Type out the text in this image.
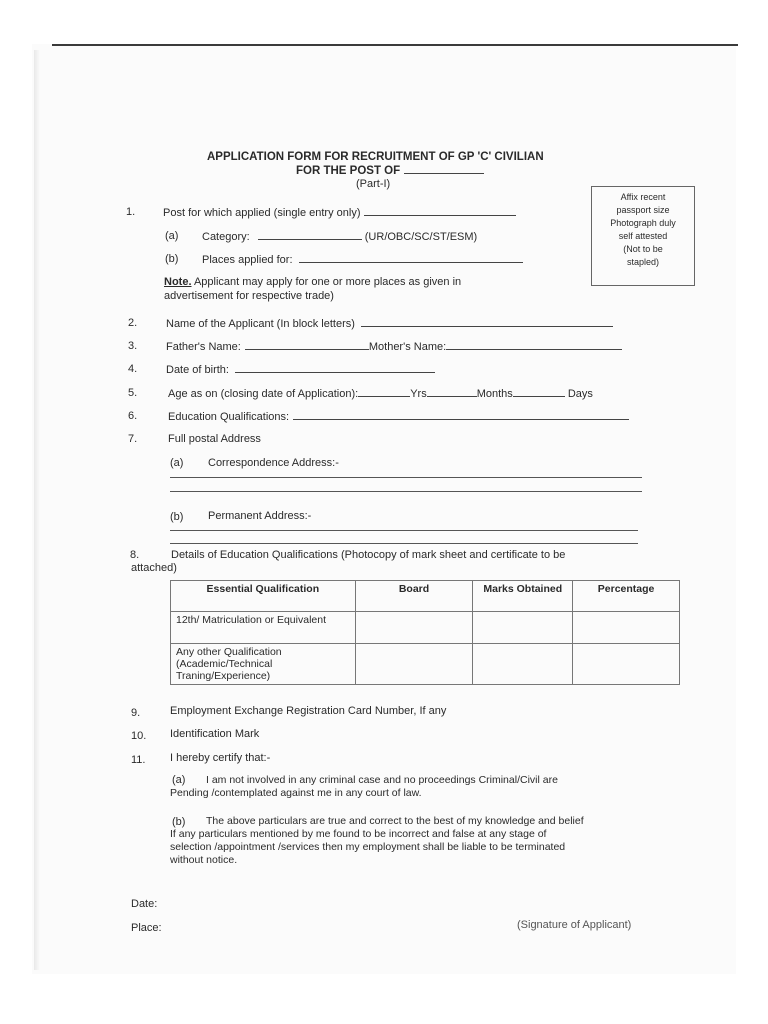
APPLICATION FORM FOR RECRUITMENT OF GP 'C' CIVILIAN
FOR THE POST OF
(Part-I)
Affix recent
passport size
Photograph duly
self attested
(Not to be
stapled)
1.	Post for which applied (single entry only)
(a) Category:	(UR/OBC/SC/ST/ESM)
(b) Places applied for:
Note. Applicant may apply for one or more places as given in
advertisement for respective trade)
2.	Name of the Applicant (In block letters)
3.	Father's Name:	Mother's Name:
4.	Date of birth:
5.	Age as on (closing date of Application):	Yrs	Months	Days
6.	Education Qualifications:
7.	Full postal Address
(a) Correspondence Address:-
(b) Permanent Address:-
8.	Details of Education Qualifications (Photocopy of mark sheet and certificate to be
attached)
Essential Qualification	Board	Marks Obtained	Percentage
12th/ Matriculation or Equivalent			
Any other Qualification (Academic/Technical Traning/Experience)			
9.	Employment Exchange Registration Card Number, If any
10. Identification Mark
11. I hereby certify that:-
(a) I am not involved in any criminal case and no proceedings Criminal/Civil are
Pending /contemplated against me in any court of law.
(b) The above particulars are true and correct to the best of my knowledge and belief
If any particulars mentioned by me found to be incorrect and false at any stage of
selection /appointment /services then my employment shall be liable to be terminated
without notice.
Date:
Place:	(Signature of Applicant)
